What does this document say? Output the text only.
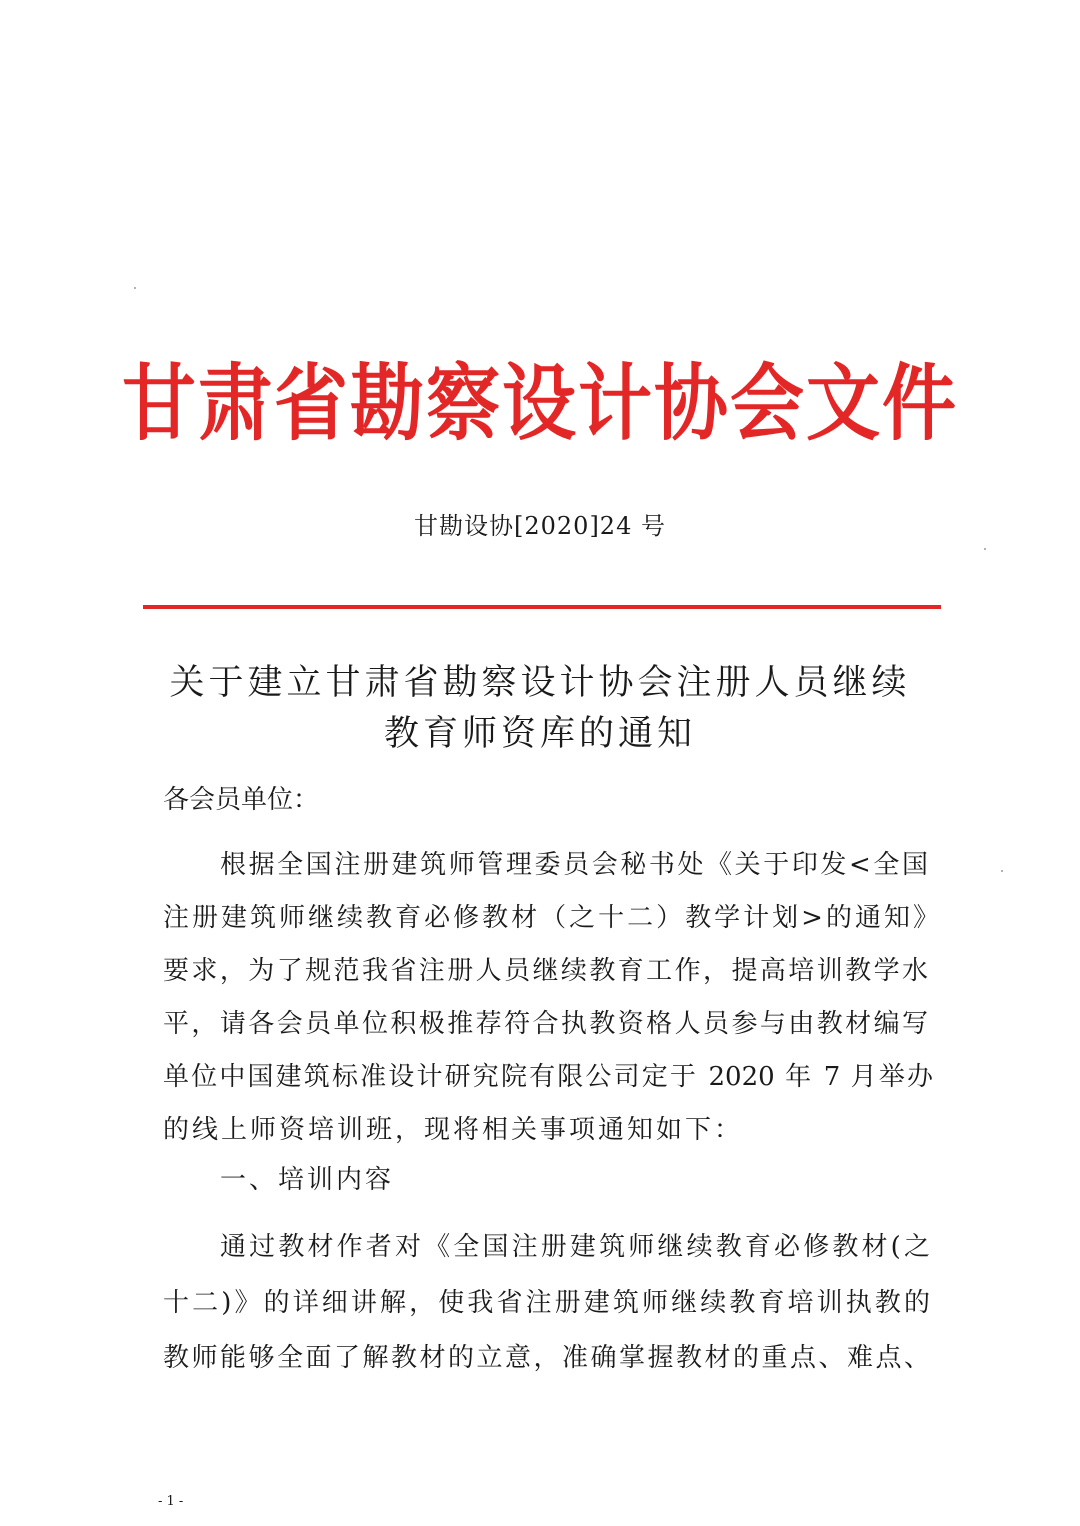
甘肃省勘察设计协会文件
甘勘设协[2020]24 号
关于建立甘肃省勘察设计协会注册人员继续
教育师资库的通知
各会员单位：
根据全国注册建筑师管理委员会秘书处《关于印发<全国
注册建筑师继续教育必修教材（之十二）教学计划>的通知》
要求，为了规范我省注册人员继续教育工作，提高培训教学水
平，请各会员单位积极推荐符合执教资格人员参与由教材编写
单位中国建筑标准设计研究院有限公司定于 2020 年 7 月举办
的线上师资培训班，现将相关事项通知如下：
一、培训内容
通过教材作者对《全国注册建筑师继续教育必修教材(之
十二)》的详细讲解，使我省注册建筑师继续教育培训执教的
教师能够全面了解教材的立意，准确掌握教材的重点、难点、
- 1 -
